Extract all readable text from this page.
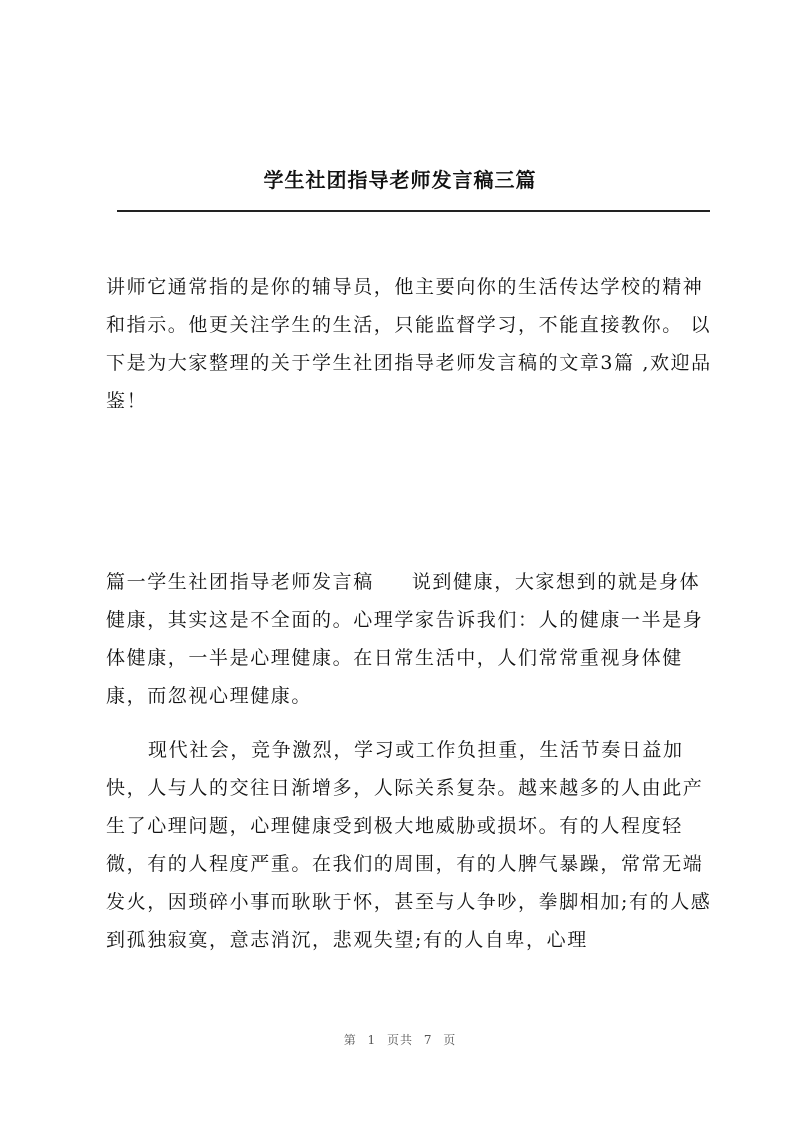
学生社团指导老师发言稿三篇

讲师它通常指的是你的辅导员，他主要向你的生活传达学校的精神和指示。他更关注学生的生活，只能监督学习，不能直接教你。 以下是为大家整理的关于学生社团指导老师发言稿的文章3篇 ,欢迎品鉴！

篇一学生社团指导老师发言稿 说到健康，大家想到的就是身体健康，其实这是不全面的。心理学家告诉我们：人的健康一半是身体健康，一半是心理健康。在日常生活中，人们常常重视身体健康，而忽视心理健康。

现代社会，竞争激烈，学习或工作负担重，生活节奏日益加快，人与人的交往日渐增多，人际关系复杂。越来越多的人由此产生了心理问题，心理健康受到极大地威胁或损坏。有的人程度轻微，有的人程度严重。在我们的周围，有的人脾气暴躁，常常无端发火，因琐碎小事而耿耿于怀，甚至与人争吵，拳脚相加;有的人感到孤独寂寞，意志消沉，悲观失望;有的人自卑，心理

第 1 页共 7 页
